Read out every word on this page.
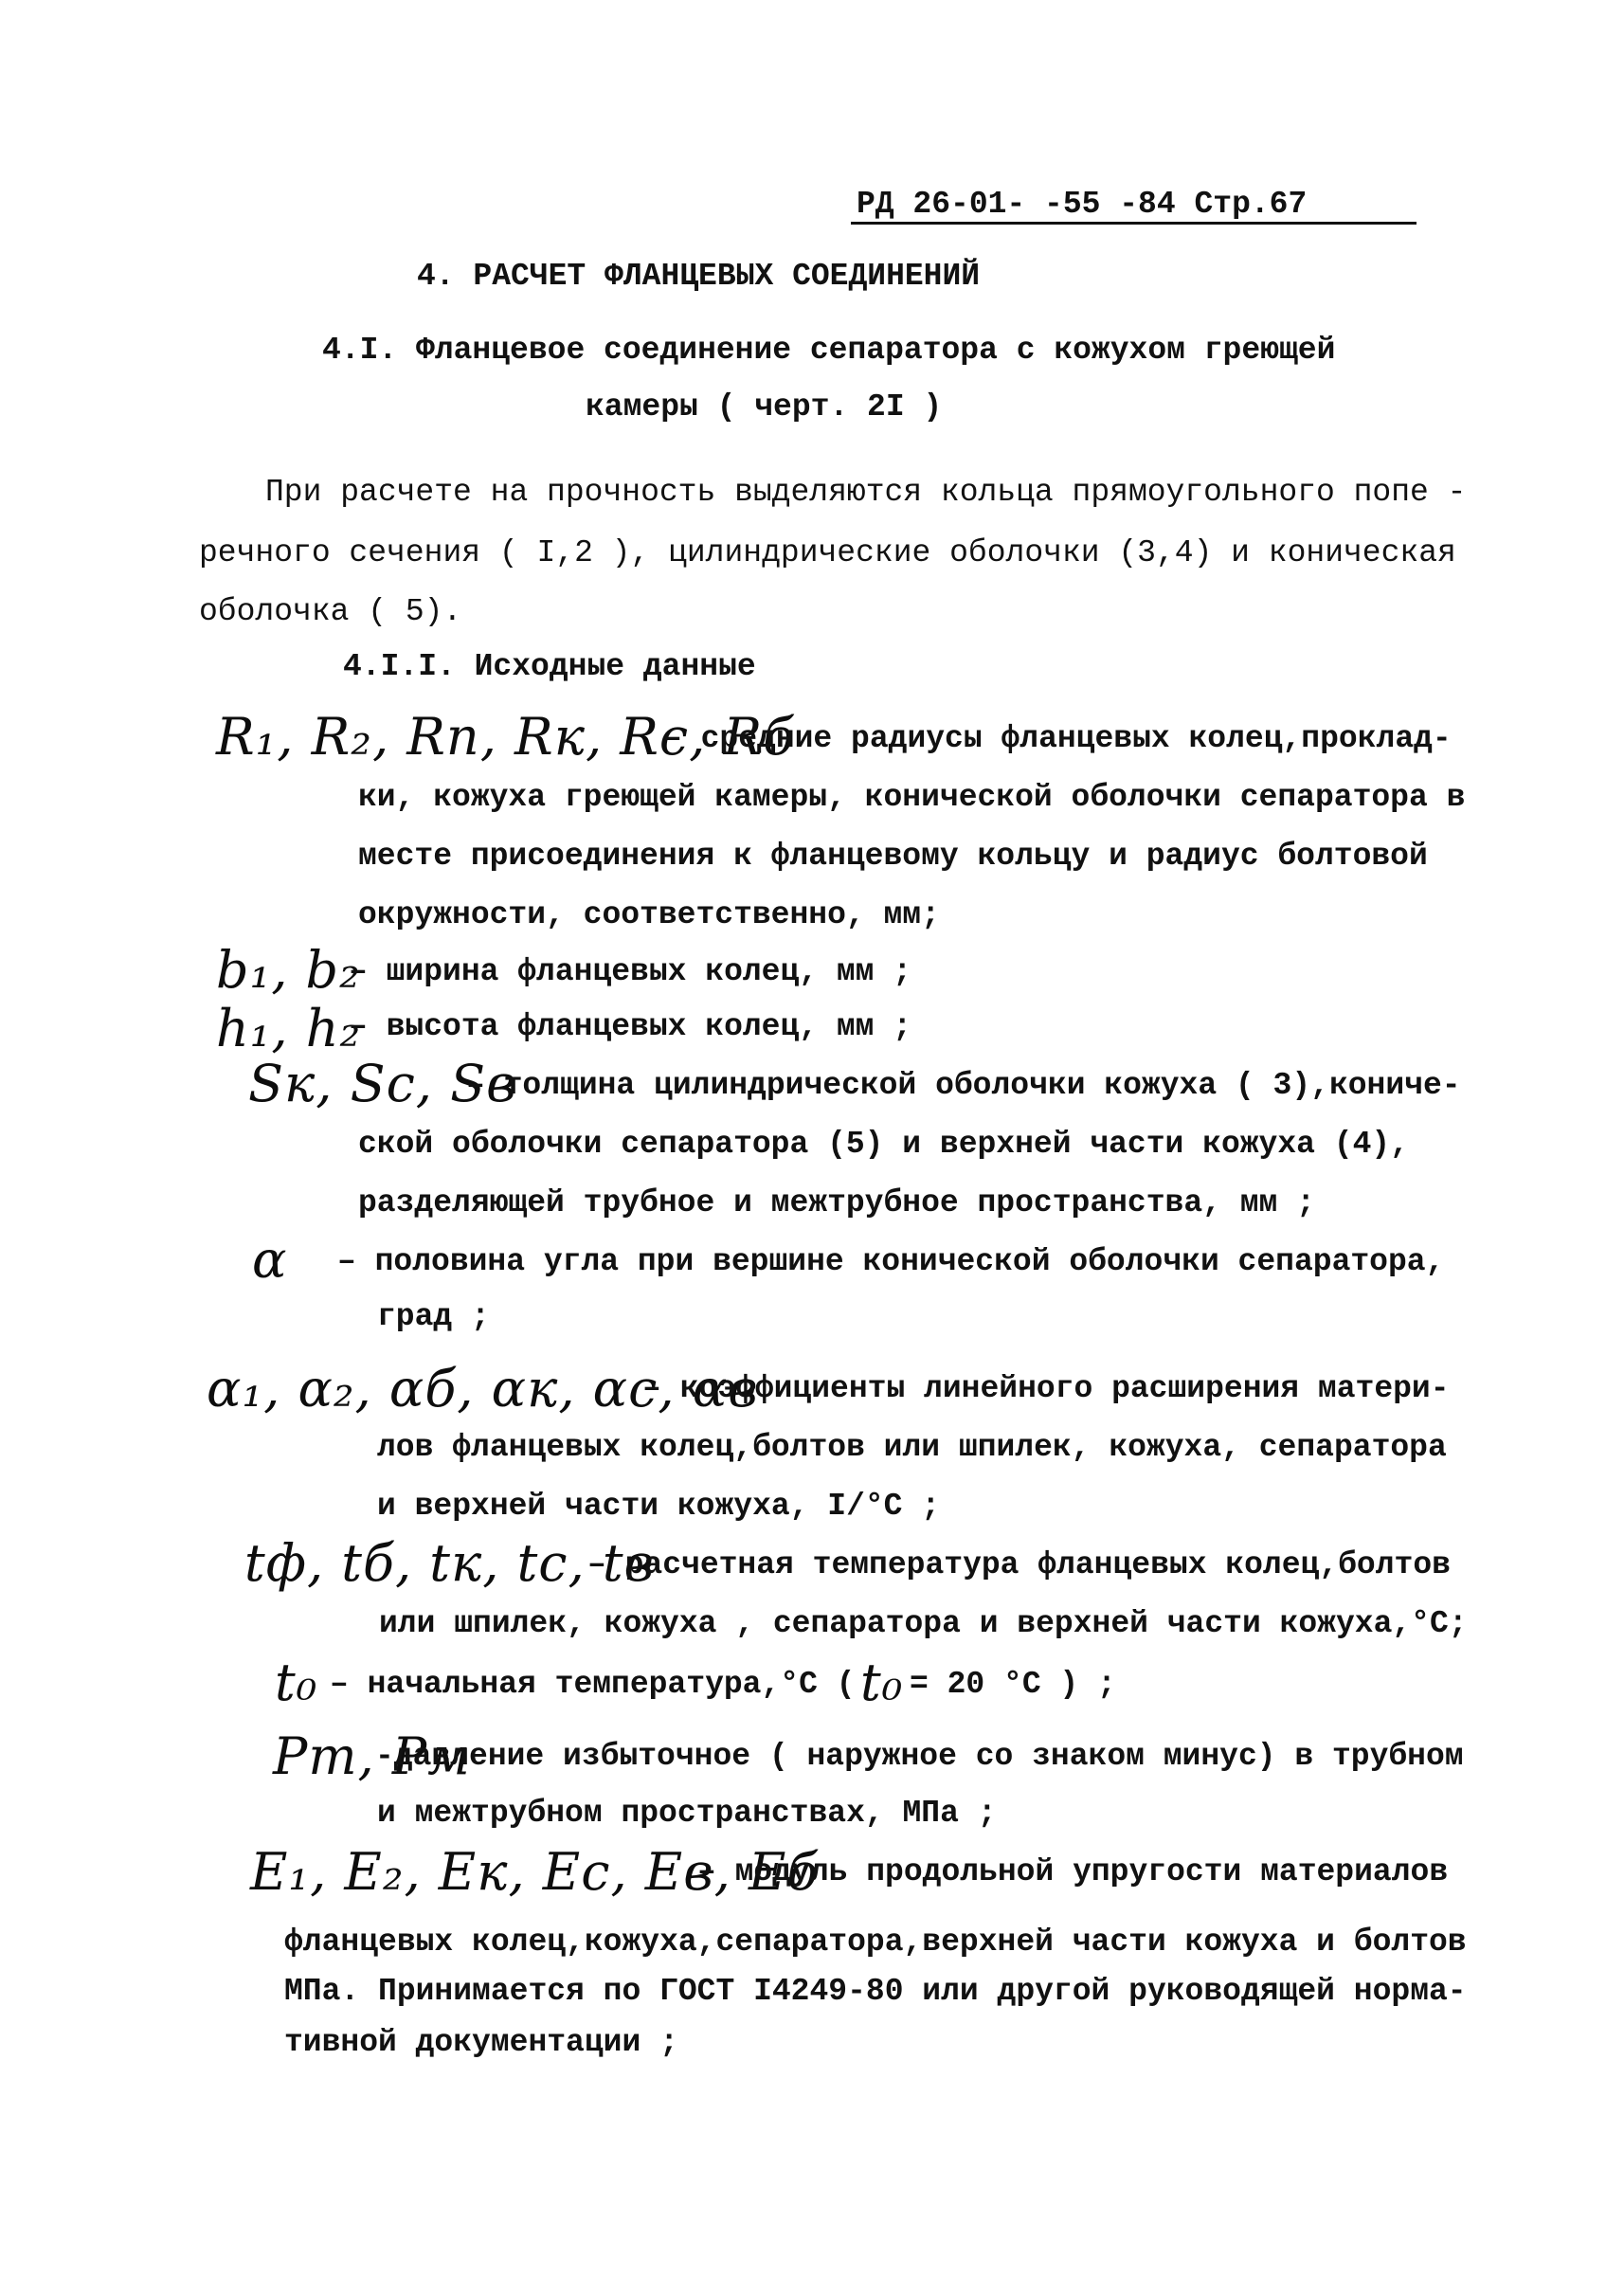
РД 26-01- -55 -84 Стр.67
4. РАСЧЕТ ФЛАНЦЕВЫХ СОЕДИНЕНИЙ
4.I. Фланцевое соединение сепаратора с кожухом греющей
камеры ( черт. 2I )
При расчете на прочность выделяются кольца прямоугольного попе -
речного сечения ( I,2 ), цилиндрические оболочки (3,4) и коническая
оболочка ( 5).
4.I.I. Исходные данные
R₁, R₂, Rп, Rк, Rс, Rб
– средние радиусы фланцевых колец,проклад-
ки, кожуха греющей камеры, конической оболочки сепаратора в
месте присоединения к фланцевому кольцу и радиус болтовой
окружности, соответственно, мм;
b₁, b₂
– ширина фланцевых колец, мм ;
h₁, h₂
– высота фланцевых колец, мм ;
Sк, Sс, Sв
– толщина цилиндрической оболочки кожуха ( 3),кониче-
ской оболочки сепаратора (5) и верхней части кожуха (4),
разделяющей трубное и межтрубное пространства, мм ;
α – половина угла при вершине конической оболочки сепаратора,
град ;
α₁, α₂, αб, αк, αс, αв
– коэффициенты линейного расширения матери-
лов фланцевых колец,болтов или шпилек, кожуха, сепаратора
и верхней части кожуха, I/°C ;
tф, tб, tк, tс, tв
– расчетная температура фланцевых колец,болтов
или шпилек, кожуха , сепаратора и верхней части кожуха,°С;
t₀ – начальная температура,°С ( t₀ = 20 °С ) ;
Pт, Pм
-давление избыточное ( наружное со знаком минус) в трубном
и межтрубном пространствах, МПа ;
E₁, E₂, Eк, Eс, Eв, Eб
– модуль продольной упругости материалов
фланцевых колец,кожуха,сепаратора,верхней части кожуха и болтов
МПа. Принимается по ГОСТ I4249-80 или другой руководящей норма-
тивной документации ;
